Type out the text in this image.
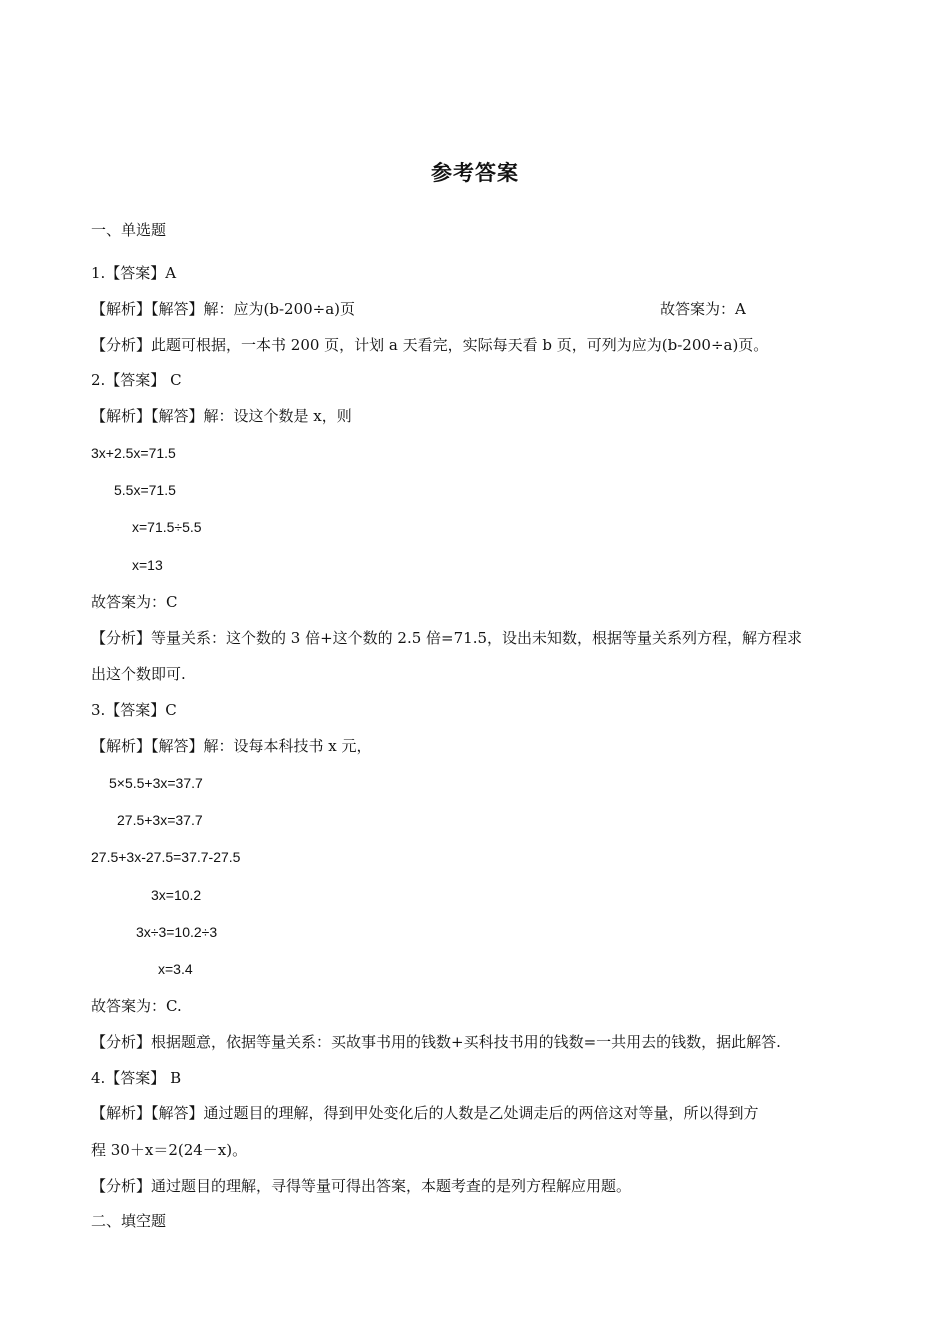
参考答案
一、单选题
1.【答案】A
【解析】【解答】解：应为(b-200÷a)页	故答案为：A
【分析】此题可根据，一本书 200 页，计划 a 天看完，实际每天看 b 页，可列为应为(b-200÷a)页。
2.【答案】 C
【解析】【解答】解：设这个数是 x，则
3x+2.5x=71.5
5.5x=71.5
x=71.5÷5.5
x=13
故答案为：C
【分析】等量关系：这个数的 3 倍+这个数的 2.5 倍=71.5，设出未知数，根据等量关系列方程，解方程求
出这个数即可.
3.【答案】C
【解析】【解答】解：设每本科技书 x 元，
5×5.5+3x=37.7
27.5+3x=37.7
27.5+3x-27.5=37.7-27.5
3x=10.2
3x÷3=10.2÷3
x=3.4
故答案为：C.
【分析】根据题意，依据等量关系：买故事书用的钱数+买科技书用的钱数=一共用去的钱数，据此解答.
4.【答案】 B
【解析】【解答】通过题目的理解，得到甲处变化后的人数是乙处调走后的两倍这对等量，所以得到方
程 30＋x＝2(24－x)。
【分析】通过题目的理解，寻得等量可得出答案，本题考查的是列方程解应用题。
二、填空题
